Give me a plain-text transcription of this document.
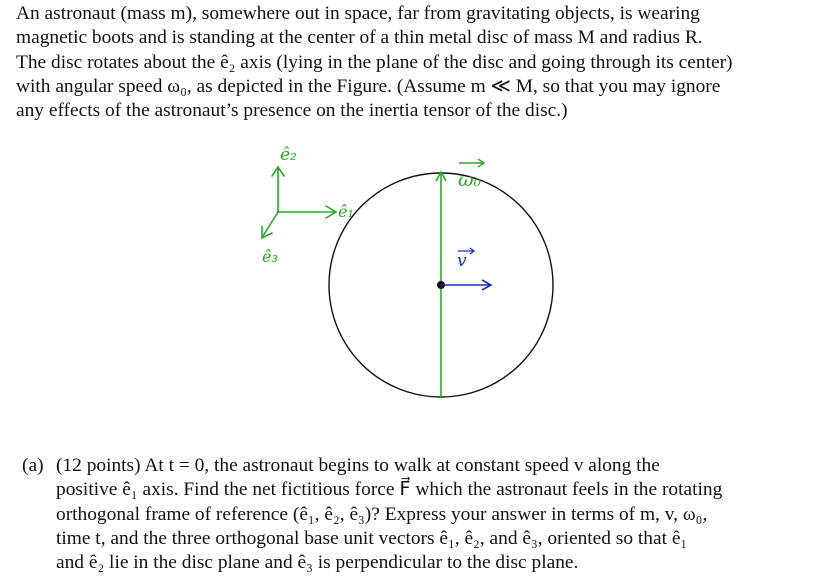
An astronaut (mass m), somewhere out in space, far from gravitating objects, is wearing
magnetic boots and is standing at the center of a thin metal disc of mass M and radius R.
The disc rotates about the ê₂ axis (lying in the plane of the disc and going through its center)
with angular speed ω₀, as depicted in the Figure. (Assume m ≪ M, so that you may ignore
any effects of the astronaut’s presence on the inertia tensor of the disc.)
ê₂
ê₁
ê₃
ω₀
v
(a) (12 points) At t = 0, the astronaut begins to walk at constant speed v along the
positive ê₁ axis. Find the net fictitious force F⃗ which the astronaut feels in the rotating
orthogonal frame of reference (ê₁, ê₂, ê₃)? Express your answer in terms of m, v, ω₀,
time t, and the three orthogonal base unit vectors ê₁, ê₂, and ê₃, oriented so that ê₁
and ê₂ lie in the disc plane and ê₃ is perpendicular to the disc plane.
